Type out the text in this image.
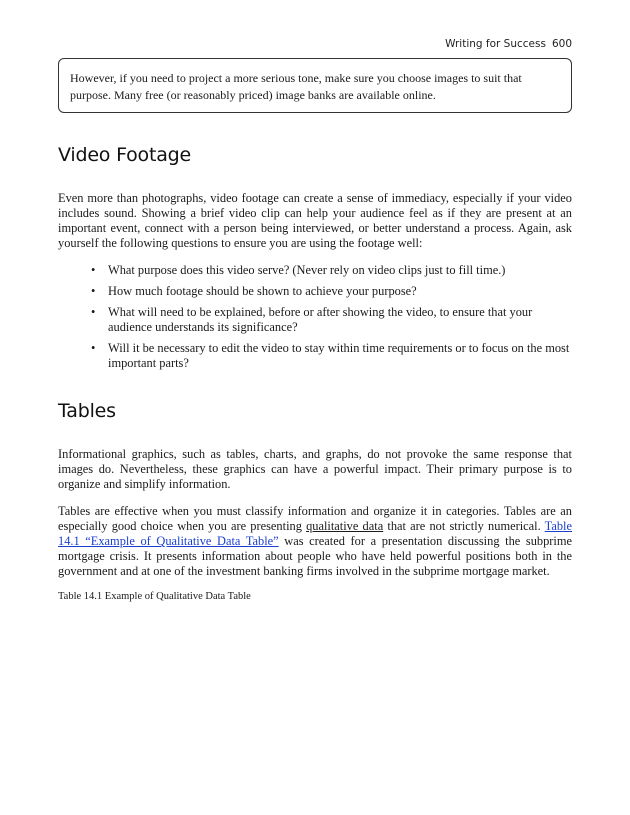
Writing for Success 600
However, if you need to project a more serious tone, make sure you choose images to suit that purpose. Many free (or reasonably priced) image banks are available online.
Video Footage

Even more than photographs, video footage can create a sense of immediacy, especially if your video includes sound. Showing a brief video clip can help your audience feel as if they are present at an important event, connect with a person being interviewed, or better understand a process. Again, ask yourself the following questions to ensure you are using the footage well:

• What purpose does this video serve? (Never rely on video clips just to fill time.)
• How much footage should be shown to achieve your purpose?
• What will need to be explained, before or after showing the video, to ensure that your audience understands its significance?
• Will it be necessary to edit the video to stay within time requirements or to focus on the most important parts?
Tables

Informational graphics, such as tables, charts, and graphs, do not provoke the same response that images do. Nevertheless, these graphics can have a powerful impact. Their primary purpose is to organize and simplify information.

Tables are effective when you must classify information and organize it in categories. Tables are an especially good choice when you are presenting qualitative data that are not strictly numerical. Table 14.1 “Example of Qualitative Data Table” was created for a presentation discussing the subprime mortgage crisis. It presents information about people who have held powerful positions both in the government and at one of the investment banking firms involved in the subprime mortgage market.

Table 14.1 Example of Qualitative Data Table
